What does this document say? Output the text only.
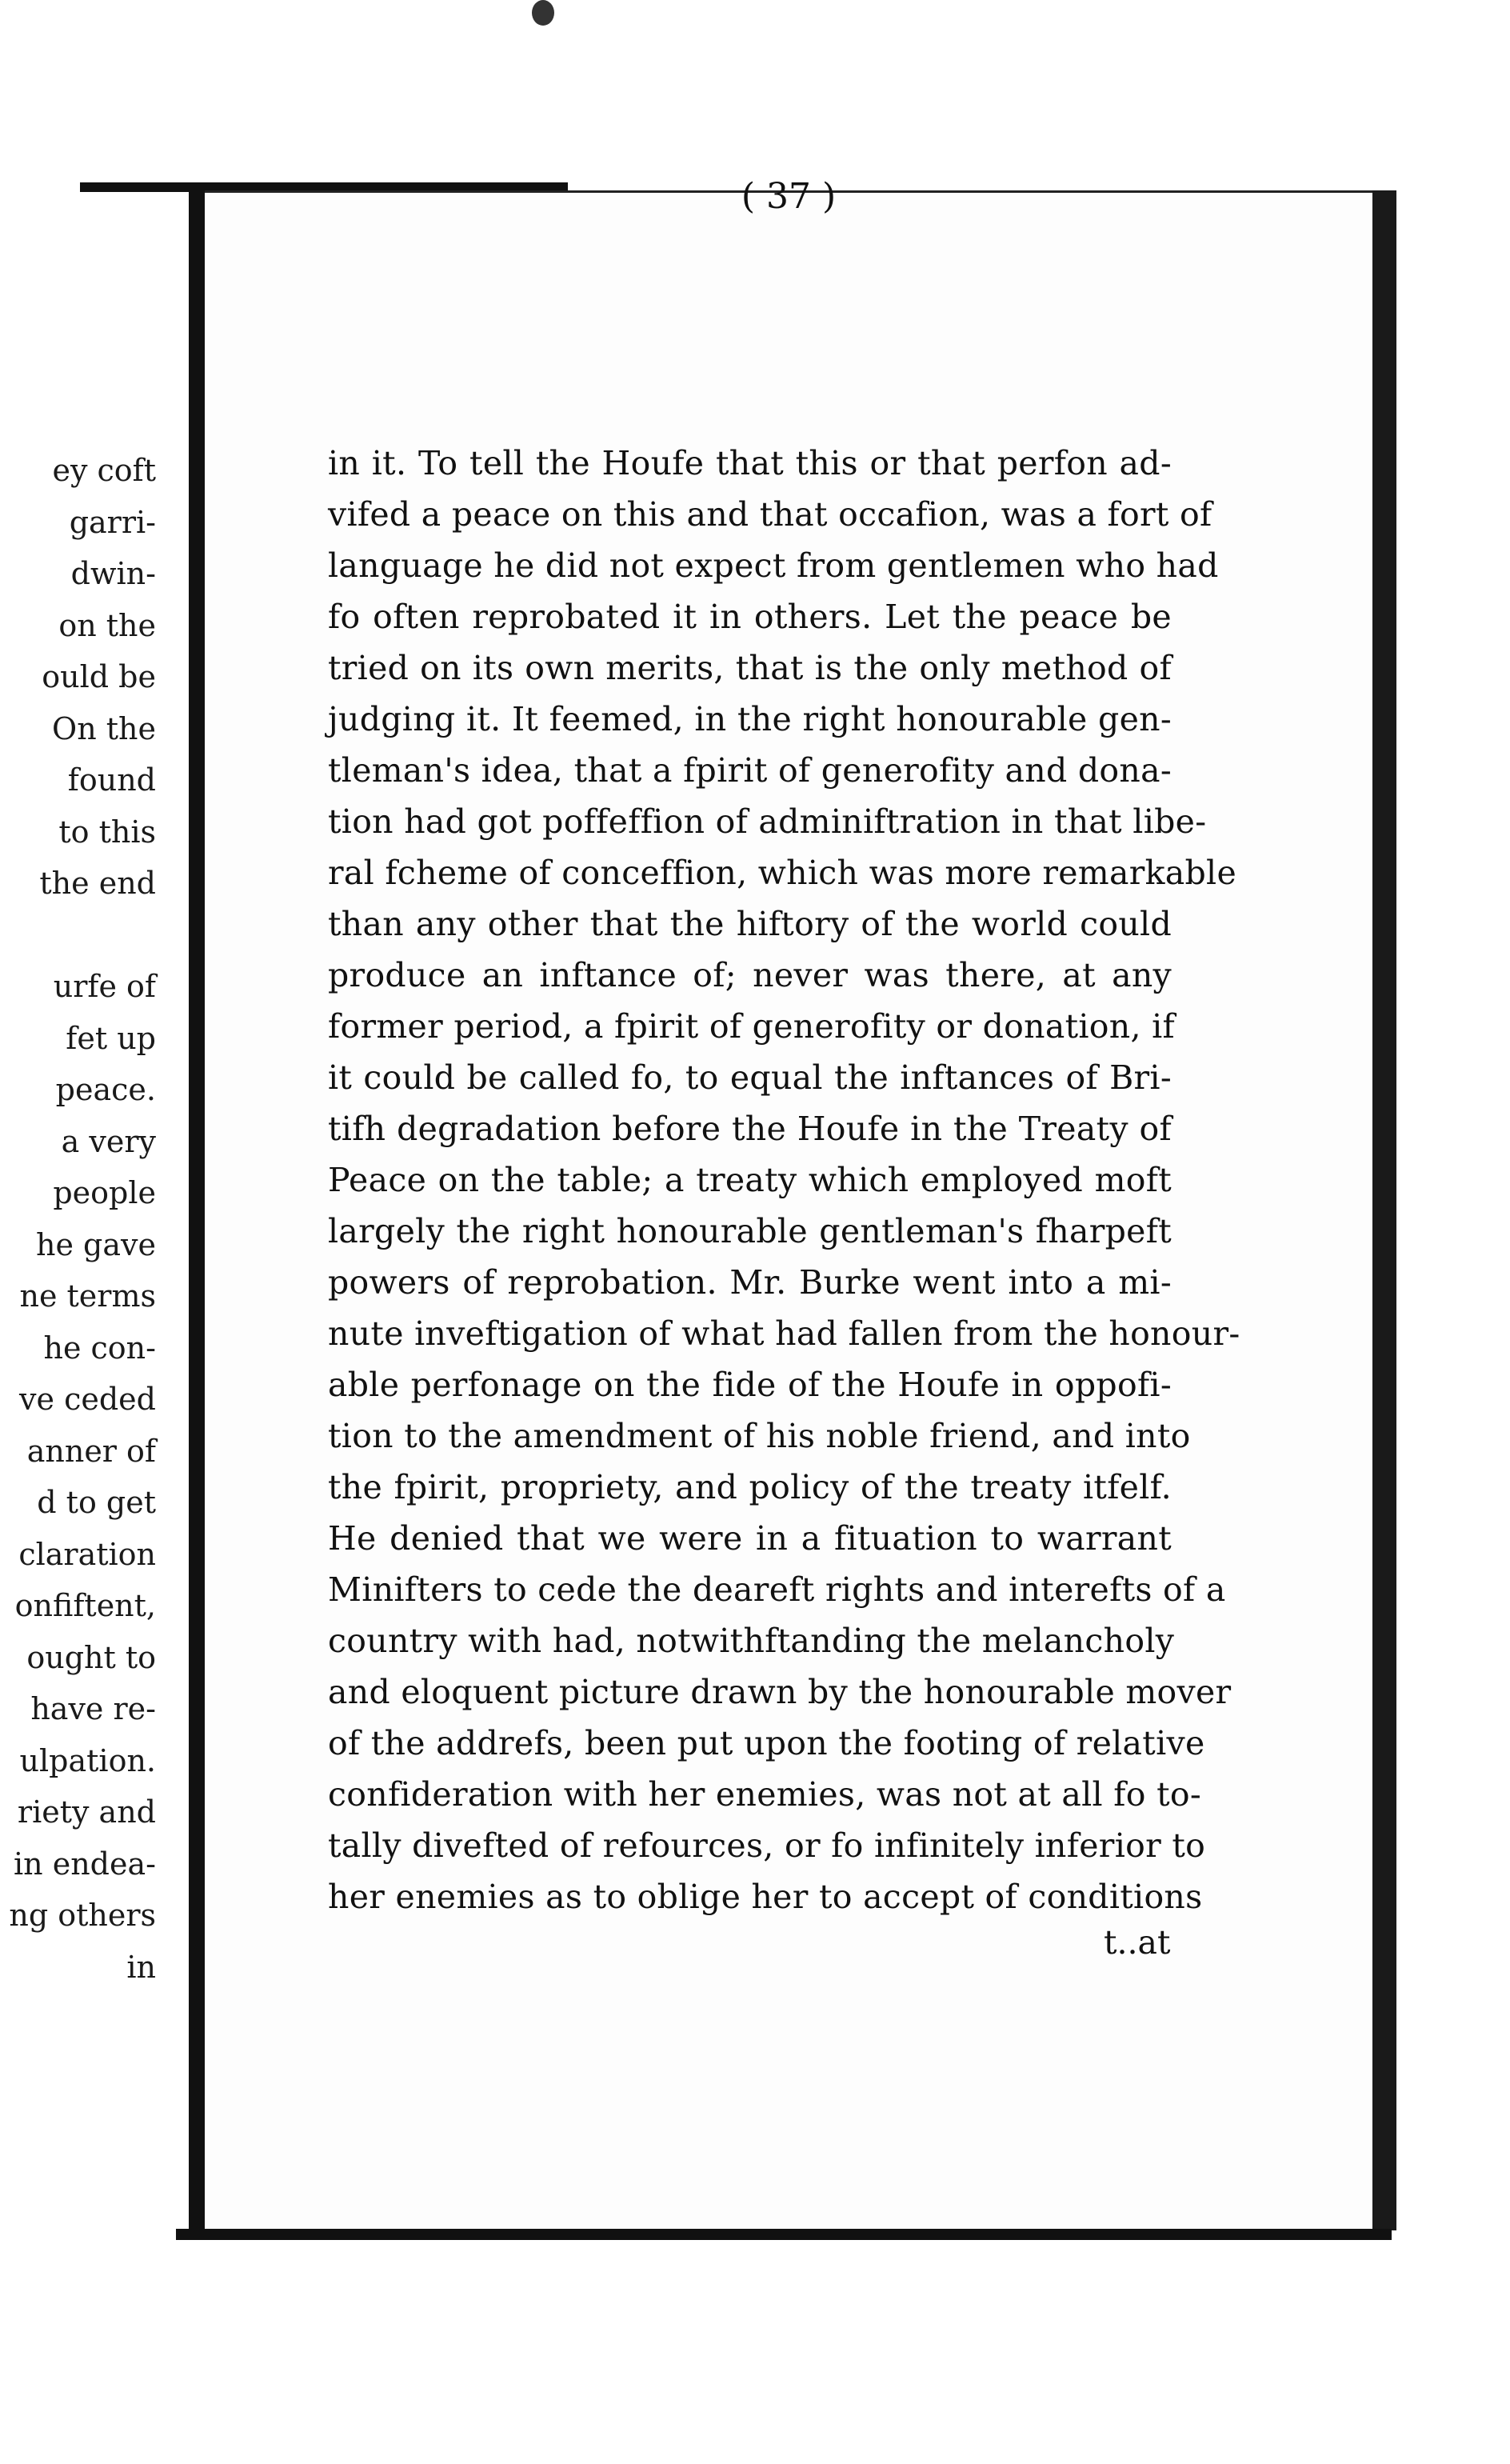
ey coft
garri-
dwin-
on the
ould be
On the
found
to this
the end
urfe of
fet up
peace.
a very
people
he gave
ne terms
he con-
ve ceded
anner of
d to get
claration
onfiftent,
ought to
have re-
ulpation.
riety and
in endea-
ng others
in
( 37 )
in it. To tell the Houfe that this or that perfon ad-
vifed a peace on this and that occafion, was a fort of
language he did not expect from gentlemen who had
fo often reprobated it in others. Let the peace be
tried on its own merits, that is the only method of
judging it. It feemed, in the right honourable gen-
tleman's idea, that a fpirit of generofity and dona-
tion had got poffeffion of adminiftration in that libe-
ral fcheme of conceffion, which was more remarkable
than any other that the hiftory of the world could
produce an inftance of; never was there, at any
former period, a fpirit of generofity or donation, if
it could be called fo, to equal the inftances of Bri-
tifh degradation before the Houfe in the Treaty of
Peace on the table; a treaty which employed moft
largely the right honourable gentleman's fharpeft
powers of reprobation. Mr. Burke went into a mi-
nute inveftigation of what had fallen from the honour-
able perfonage on the fide of the Houfe in oppofi-
tion to the amendment of his noble friend, and into
the fpirit, propriety, and policy of the treaty itfelf.
He denied that we were in a fituation to warrant
Minifters to cede the deareft rights and interefts of a
country with had, notwithftanding the melancholy
and eloquent picture drawn by the honourable mover
of the addrefs, been put upon the footing of relative
confideration with her enemies, was not at all fo to-
tally divefted of refources, or fo infinitely inferior to
her enemies as to oblige her to accept of conditions
t..at
